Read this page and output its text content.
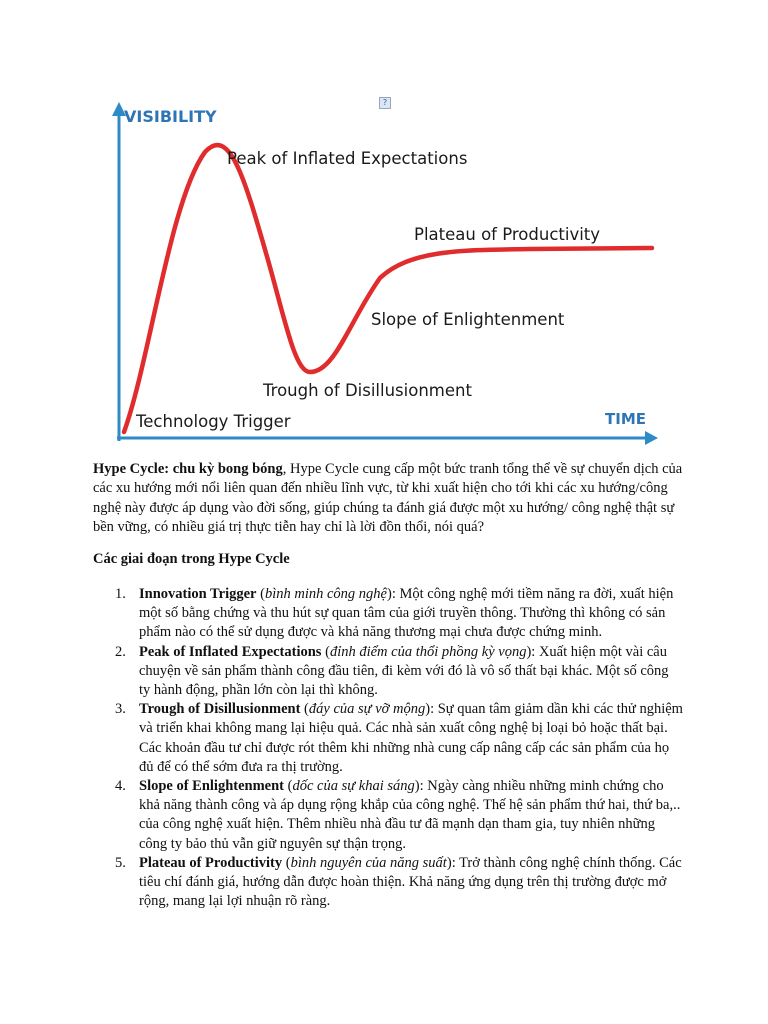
?
VISIBILITY
TIME
Peak of Inflated Expectations
Plateau of Productivity
Slope of Enlightenment
Trough of Disillusionment
Technology Trigger

Hype Cycle: chu kỳ bong bóng, Hype Cycle cung cấp một bức tranh tổng thể về sự chuyển dịch của các xu hướng mới nổi liên quan đến nhiều lĩnh vực, từ khi xuất hiện cho tới khi các xu hướng/công nghệ này được áp dụng vào đời sống, giúp chúng ta đánh giá được một xu hướng/ công nghệ thật sự bền vững, có nhiều giá trị thực tiễn hay chỉ là lời đồn thổi, nói quá?

Các giai đoạn trong Hype Cycle

1. Innovation Trigger (bình minh công nghệ): Một công nghệ mới tiềm năng ra đời, xuất hiện một số bằng chứng và thu hút sự quan tâm của giới truyền thông. Thường thì không có sản phẩm nào có thể sử dụng được và khả năng thương mại chưa được chứng minh.
2. Peak of Inflated Expectations (đỉnh điểm của thổi phồng kỳ vọng): Xuất hiện một vài câu chuyện về sản phẩm thành công đầu tiên, đi kèm với đó là vô số thất bại khác. Một số công ty hành động, phần lớn còn lại thì không.
3. Trough of Disillusionment (đáy của sự vỡ mộng): Sự quan tâm giảm dần khi các thử nghiệm và triển khai không mang lại hiệu quả. Các nhà sản xuất công nghệ bị loại bỏ hoặc thất bại. Các khoản đầu tư chỉ được rót thêm khi những nhà cung cấp nâng cấp các sản phẩm của họ đủ để có thể sớm đưa ra thị trường.
4. Slope of Enlightenment (dốc của sự khai sáng): Ngày càng nhiều những minh chứng cho khả năng thành công và áp dụng rộng khắp của công nghệ. Thế hệ sản phẩm thứ hai, thứ ba,.. của công nghệ xuất hiện. Thêm nhiều nhà đầu tư đã mạnh dạn tham gia, tuy nhiên những công ty bảo thủ vẫn giữ nguyên sự thận trọng.
5. Plateau of Productivity (bình nguyên của năng suất): Trở thành công nghệ chính thống. Các tiêu chí đánh giá, hướng dẫn được hoàn thiện. Khả năng ứng dụng trên thị trường được mở rộng, mang lại lợi nhuận rõ ràng.
